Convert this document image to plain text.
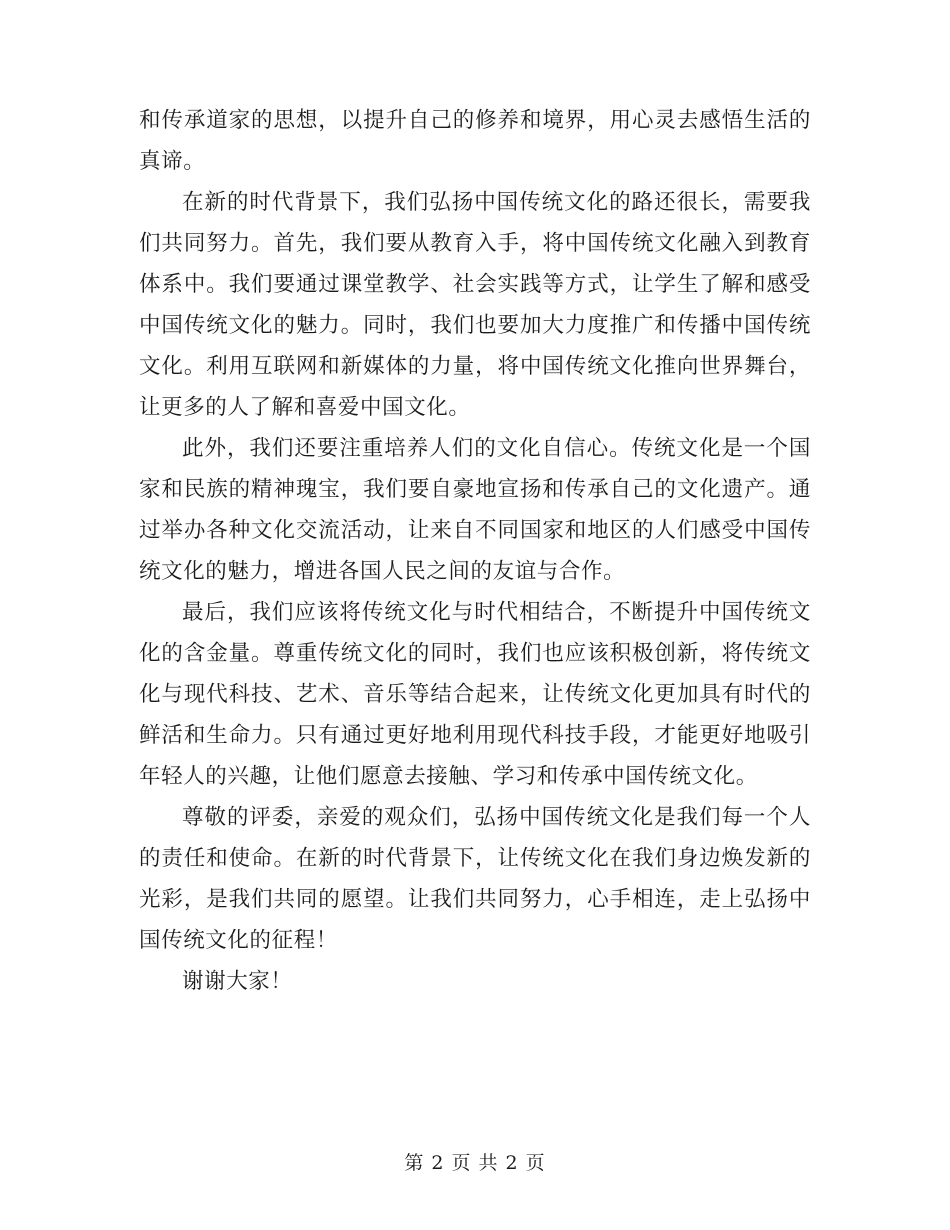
和传承道家的思想，以提升自己的修养和境界，用心灵去感悟生活的真谛。

在新的时代背景下，我们弘扬中国传统文化的路还很长，需要我们共同努力。首先，我们要从教育入手，将中国传统文化融入到教育体系中。我们要通过课堂教学、社会实践等方式，让学生了解和感受中国传统文化的魅力。同时，我们也要加大力度推广和传播中国传统文化。利用互联网和新媒体的力量，将中国传统文化推向世界舞台，让更多的人了解和喜爱中国文化。

此外，我们还要注重培养人们的文化自信心。传统文化是一个国家和民族的精神瑰宝，我们要自豪地宣扬和传承自己的文化遗产。通过举办各种文化交流活动，让来自不同国家和地区的人们感受中国传统文化的魅力，增进各国人民之间的友谊与合作。

最后，我们应该将传统文化与时代相结合，不断提升中国传统文化的含金量。尊重传统文化的同时，我们也应该积极创新，将传统文化与现代科技、艺术、音乐等结合起来，让传统文化更加具有时代的鲜活和生命力。只有通过更好地利用现代科技手段，才能更好地吸引年轻人的兴趣，让他们愿意去接触、学习和传承中国传统文化。

尊敬的评委，亲爱的观众们，弘扬中国传统文化是我们每一个人的责任和使命。在新的时代背景下，让传统文化在我们身边焕发新的光彩，是我们共同的愿望。让我们共同努力，心手相连，走上弘扬中国传统文化的征程！

谢谢大家！

第 2 页 共 2 页
